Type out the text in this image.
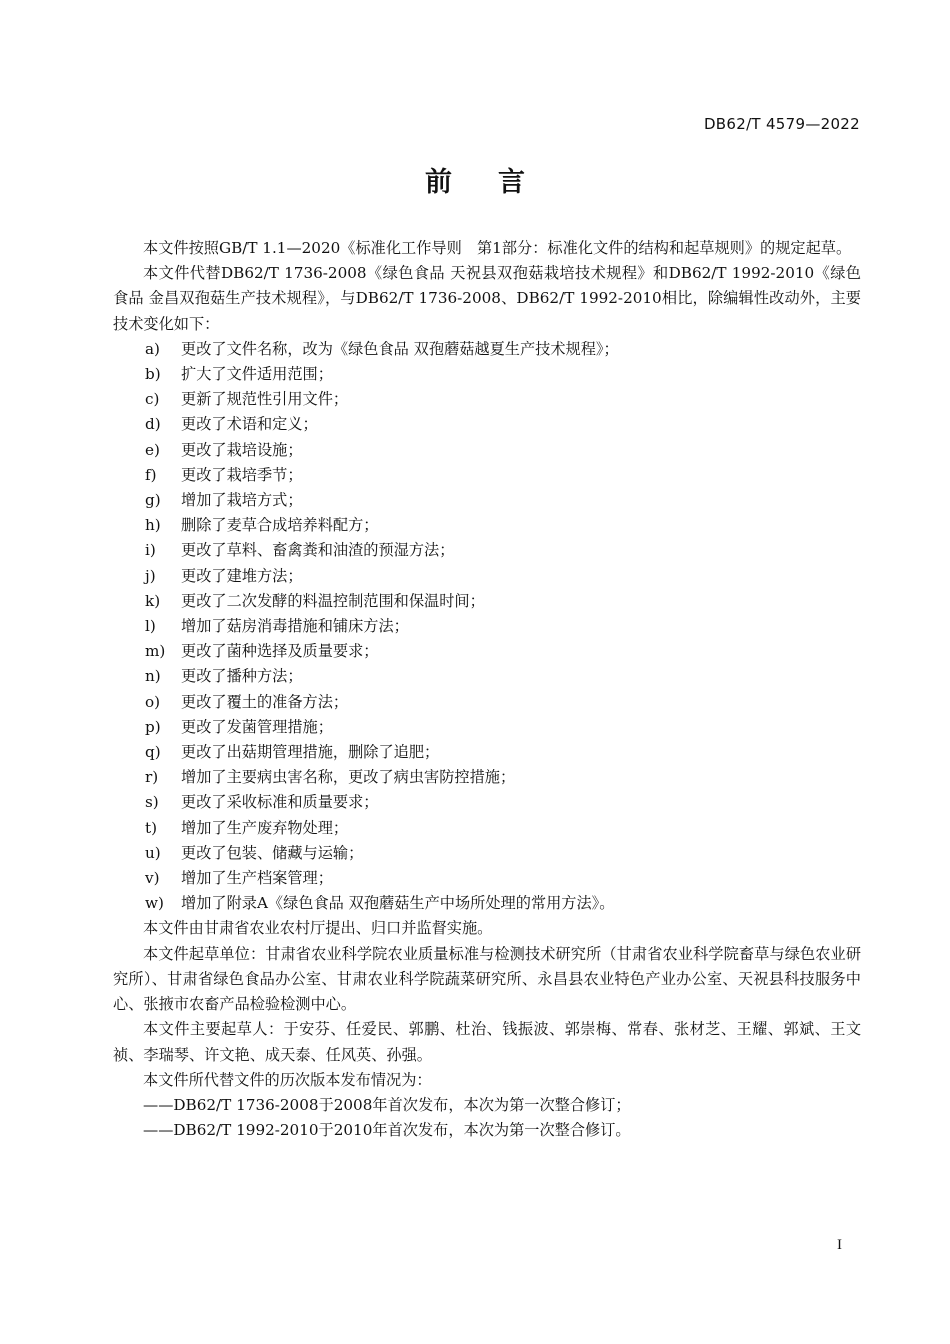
DB62/T 4579—2022
前 言

本文件按照GB/T 1.1—2020《标准化工作导则　第1部分：标准化文件的结构和起草规则》的规定起草。

本文件代替DB62/T 1736-2008《绿色食品 天祝县双孢菇栽培技术规程》和DB62/T 1992-2010《绿色食品 金昌双孢菇生产技术规程》，与DB62/T 1736-2008、DB62/T 1992-2010相比，除编辑性改动外，主要技术变化如下：

a) 更改了文件名称，改为《绿色食品 双孢蘑菇越夏生产技术规程》；
b) 扩大了文件适用范围；
c) 更新了规范性引用文件；
d) 更改了术语和定义；
e) 更改了栽培设施；
f) 更改了栽培季节；
g) 增加了栽培方式；
h) 删除了麦草合成培养料配方；
i) 更改了草料、畜禽粪和油渣的预湿方法；
j) 更改了建堆方法；
k) 更改了二次发酵的料温控制范围和保温时间；
l) 增加了菇房消毒措施和铺床方法；
m) 更改了菌种选择及质量要求；
n) 更改了播种方法；
o) 更改了覆土的准备方法；
p) 更改了发菌管理措施；
q) 更改了出菇期管理措施，删除了追肥；
r) 增加了主要病虫害名称，更改了病虫害防控措施；
s) 更改了采收标准和质量要求；
t) 增加了生产废弃物处理；
u) 更改了包装、储藏与运输；
v) 增加了生产档案管理；
w) 增加了附录A《绿色食品 双孢蘑菇生产中场所处理的常用方法》。

本文件由甘肃省农业农村厅提出、归口并监督实施。

本文件起草单位：甘肃省农业科学院农业质量标准与检测技术研究所（甘肃省农业科学院畜草与绿色农业研究所）、甘肃省绿色食品办公室、甘肃农业科学院蔬菜研究所、永昌县农业特色产业办公室、天祝县科技服务中心、张掖市农畜产品检验检测中心。

本文件主要起草人：于安芬、任爱民、郭鹏、杜治、钱振波、郭崇梅、常春、张材芝、王耀、郭斌、王文祯、李瑞琴、许文艳、成天泰、任风英、孙强。

本文件所代替文件的历次版本发布情况为：

——DB62/T 1736-2008于2008年首次发布，本次为第一次整合修订；

——DB62/T 1992-2010于2010年首次发布，本次为第一次整合修订。

I
